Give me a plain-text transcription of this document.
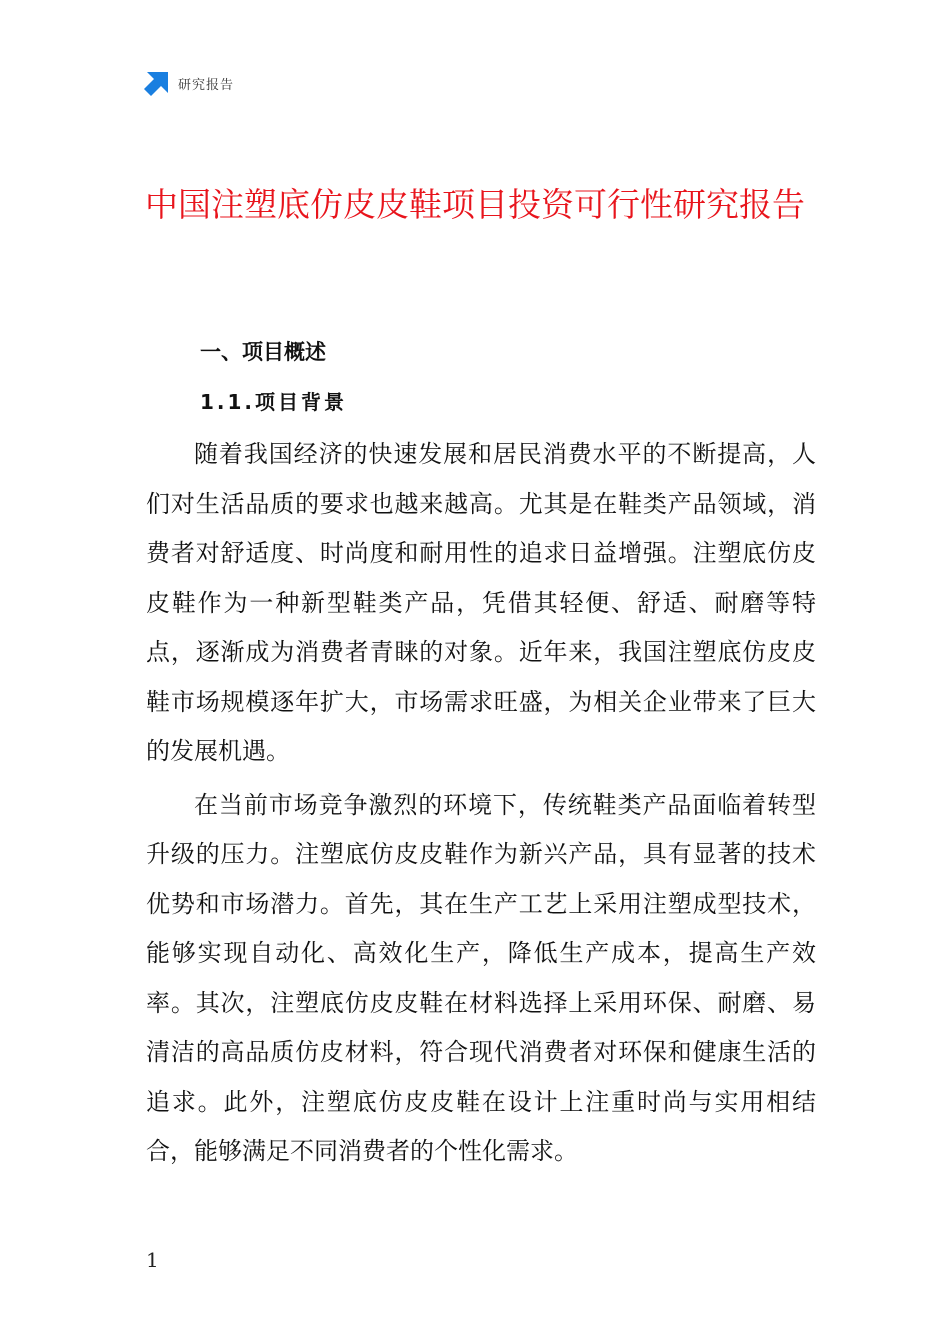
研究报告
中国注塑底仿皮皮鞋项目投资可行性研究报告
一、项目概述
1.1.项目背景

随着我国经济的快速发展和居民消费水平的不断提高，人们对生活品质的要求也越来越高。尤其是在鞋类产品领域，消费者对舒适度、时尚度和耐用性的追求日益增强。注塑底仿皮皮鞋作为一种新型鞋类产品，凭借其轻便、舒适、耐磨等特点，逐渐成为消费者青睐的对象。近年来，我国注塑底仿皮皮鞋市场规模逐年扩大，市场需求旺盛，为相关企业带来了巨大的发展机遇。

在当前市场竞争激烈的环境下，传统鞋类产品面临着转型升级的压力。注塑底仿皮皮鞋作为新兴产品，具有显著的技术优势和市场潜力。首先，其在生产工艺上采用注塑成型技术，能够实现自动化、高效化生产，降低生产成本，提高生产效率。其次，注塑底仿皮皮鞋在材料选择上采用环保、耐磨、易清洁的高品质仿皮材料，符合现代消费者对环保和健康生活的追求。此外，注塑底仿皮皮鞋在设计上注重时尚与实用相结合，能够满足不同消费者的个性化需求。

1
